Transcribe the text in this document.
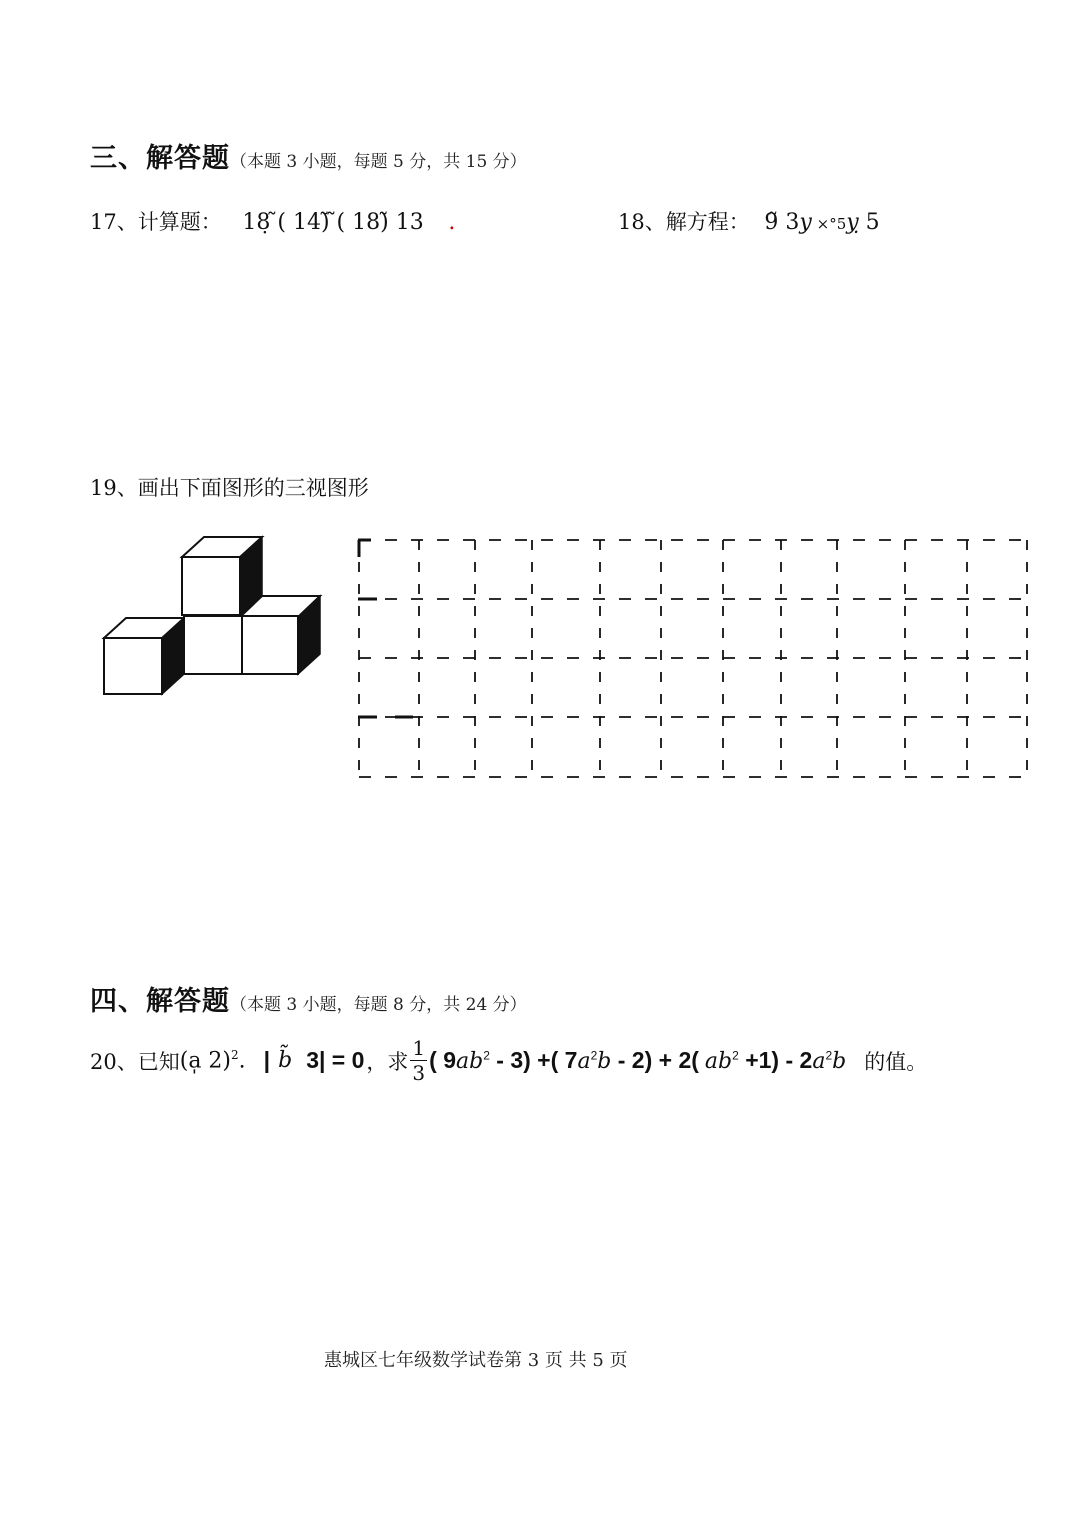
三、解答题（本题 3 小题，每题 5 分，共 15 分）
17、计算题： 18̣ ̃( 14)̃ ̃( 18)̃ 13 .	18、解方程： 9̃ 3y ×°5ỵ 5
19、画出下面图形的三视图形
四、解答题（本题 3 小题，每题 8 分，共 24 分）
20、已知 (a̩ 2)$^2$. | b̃ 3| = 0 ，求 $\frac{1}{3}$ ( $9ab^2 - 3$) +( $7a^2b - 2) + 2$( $ab^2 +1) - 2a^2b$ 的值。
惠城区七年级数学试卷第 3 页 共 5 页
